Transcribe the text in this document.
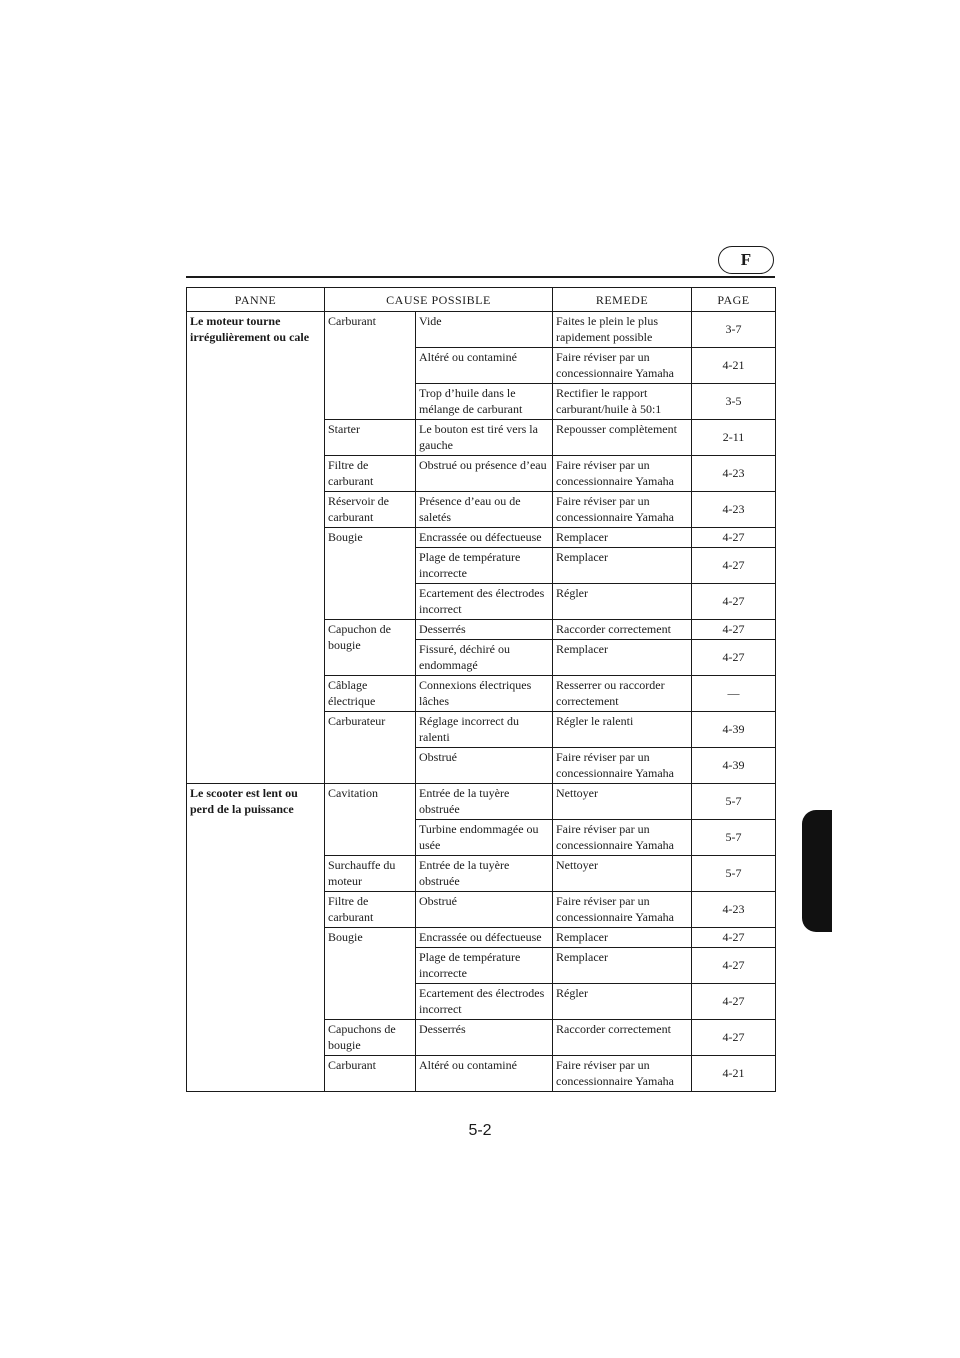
F
PANNE	CAUSE POSSIBLE		REMEDE	PAGE
Le moteur tourne irrégulièrement ou cale	Carburant	Vide	Faites le plein le plus rapidement possible	3-7
		Altéré ou contaminé	Faire réviser par un concessionnaire Yamaha	4-21
		Trop d’huile dans le mélange de carburant	Rectifier le rapport carburant/huile à 50:1	3-5
	Starter	Le bouton est tiré vers la gauche	Repousser complètement	2-11
	Filtre de carburant	Obstrué ou présence d’eau	Faire réviser par un concessionnaire Yamaha	4-23
	Réservoir de carburant	Présence d’eau ou de saletés	Faire réviser par un concessionnaire Yamaha	4-23
	Bougie	Encrassée ou défectueuse	Remplacer	4-27
		Plage de température incorrecte	Remplacer	4-27
		Ecartement des électrodes incorrect	Régler	4-27
	Capuchon de bougie	Desserrés	Raccorder correctement	4-27
		Fissuré, déchiré ou endommagé	Remplacer	4-27
	Câblage électrique	Connexions électriques lâches	Resserrer ou raccorder correctement	—
	Carburateur	Réglage incorrect du ralenti	Régler le ralenti	4-39
		Obstrué	Faire réviser par un concessionnaire Yamaha	4-39
Le scooter est lent ou perd de la puissance	Cavitation	Entrée de la tuyère obstruée	Nettoyer	5-7
		Turbine endommagée ou usée	Faire réviser par un concessionnaire Yamaha	5-7
	Surchauffe du moteur	Entrée de la tuyère obstruée	Nettoyer	5-7
	Filtre de carburant	Obstrué	Faire réviser par un concessionnaire Yamaha	4-23
	Bougie	Encrassée ou défectueuse	Remplacer	4-27
		Plage de température incorrecte	Remplacer	4-27
		Ecartement des électrodes incorrect	Régler	4-27
	Capuchons de bougie	Desserrés	Raccorder correctement	4-27
	Carburant	Altéré ou contaminé	Faire réviser par un concessionnaire Yamaha	4-21
5-2
